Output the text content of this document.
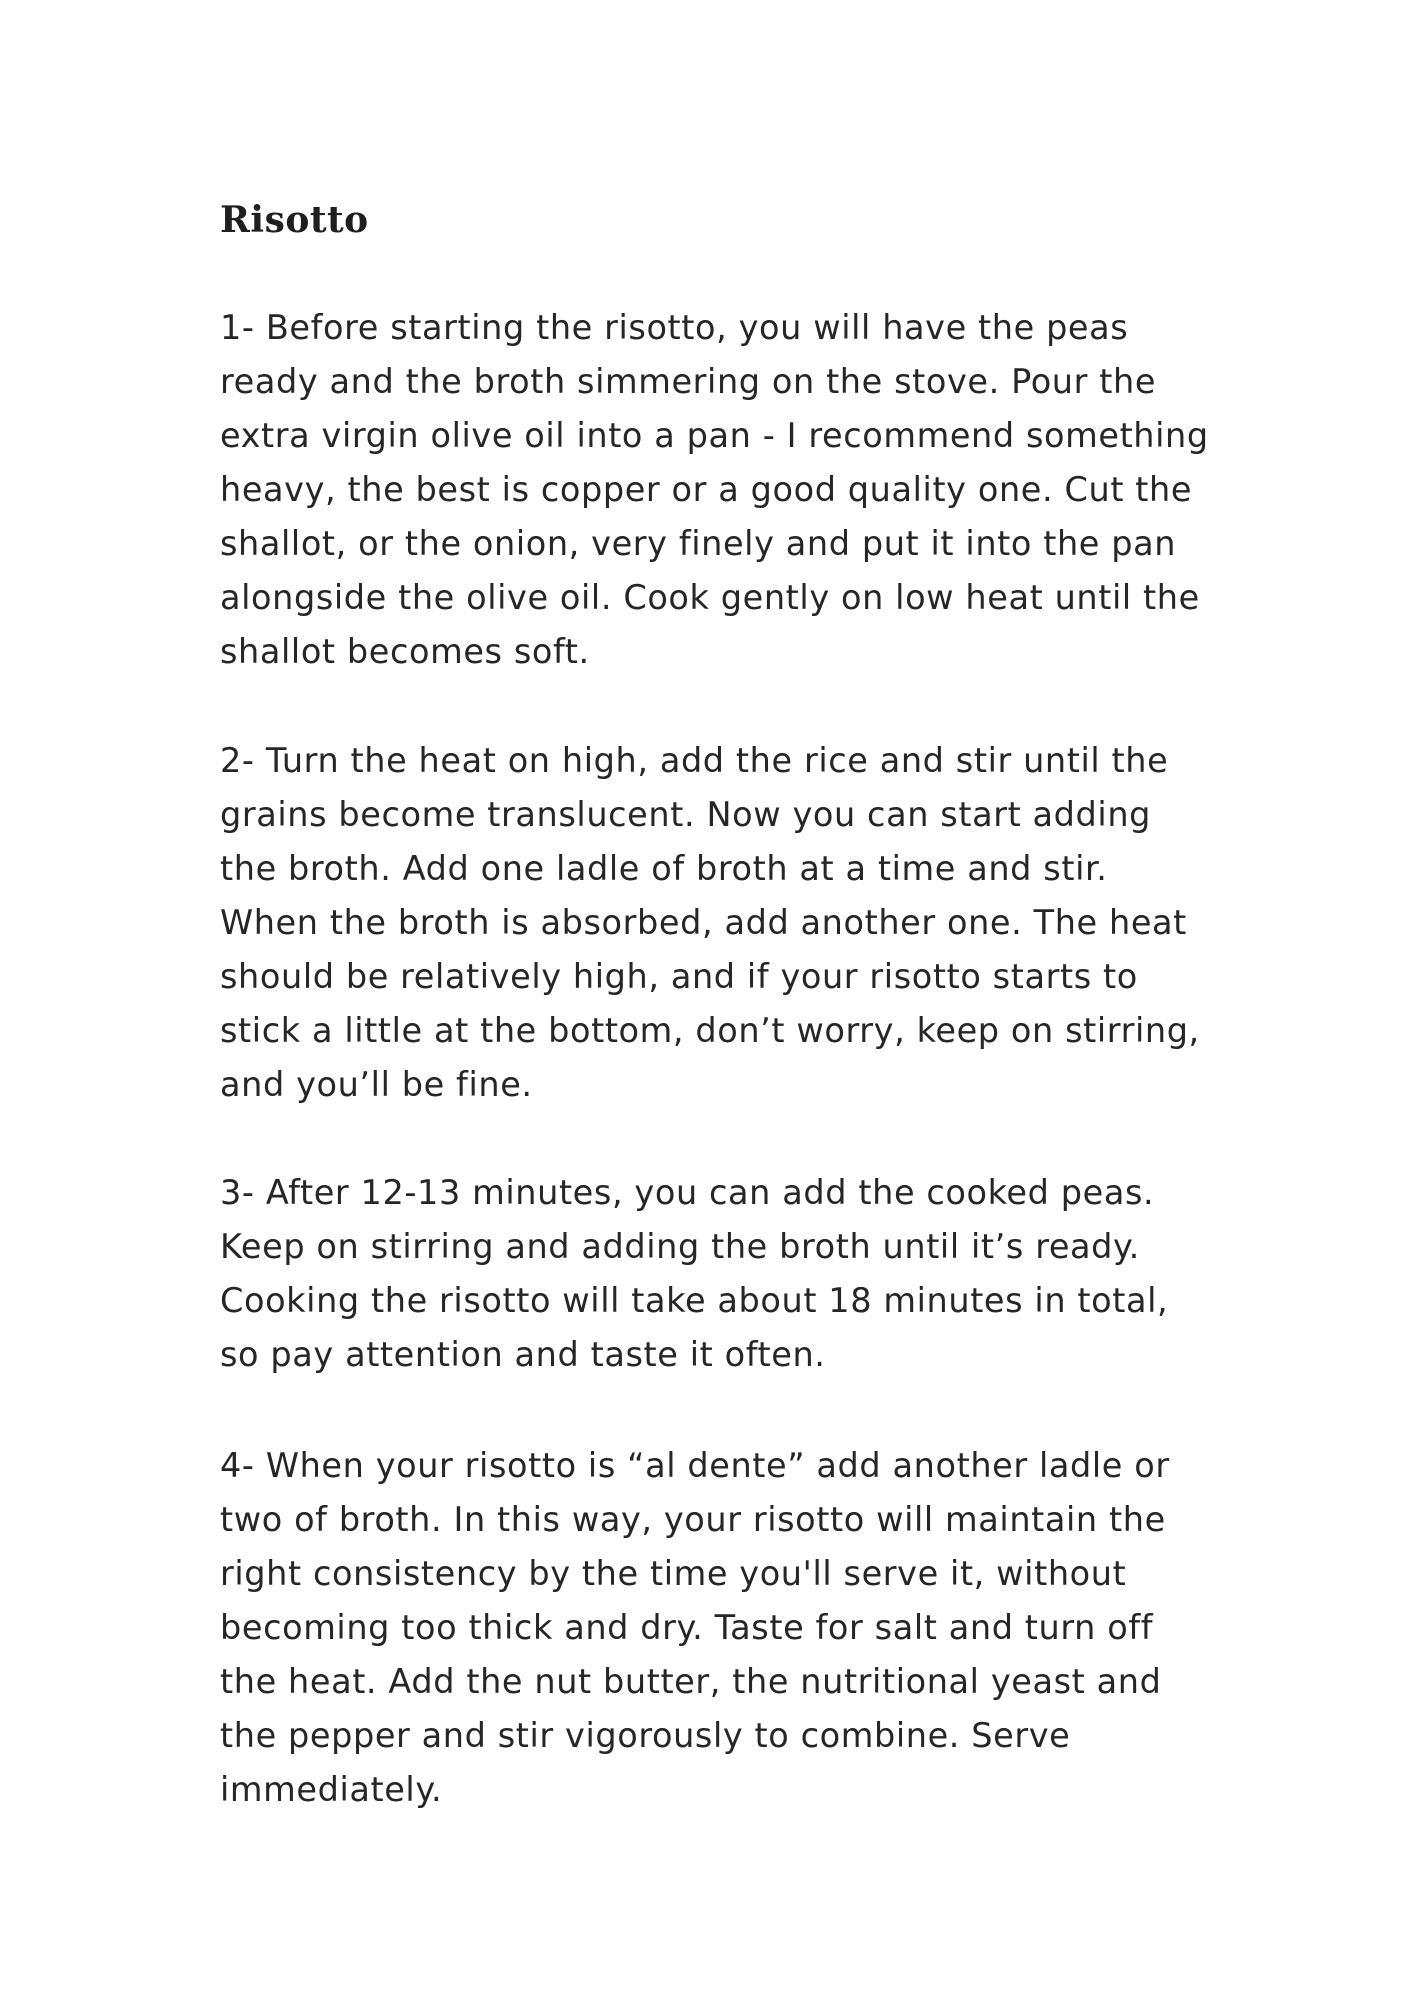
Risotto

1- Before starting the risotto, you will have the peas ready and the broth simmering on the stove. Pour the extra virgin olive oil into a pan - I recommend something heavy, the best is copper or a good quality one. Cut the shallot, or the onion, very finely and put it into the pan alongside the olive oil. Cook gently on low heat until the shallot becomes soft.

2- Turn the heat on high, add the rice and stir until the grains become translucent. Now you can start adding the broth. Add one ladle of broth at a time and stir. When the broth is absorbed, add another one. The heat should be relatively high, and if your risotto starts to stick a little at the bottom, don’t worry, keep on stirring, and you’ll be fine.

3- After 12-13 minutes, you can add the cooked peas. Keep on stirring and adding the broth until it’s ready. Cooking the risotto will take about 18 minutes in total, so pay attention and taste it often.

4- When your risotto is “al dente” add another ladle or two of broth. In this way, your risotto will maintain the right consistency by the time you'll serve it, without becoming too thick and dry. Taste for salt and turn off the heat. Add the nut butter, the nutritional yeast and the pepper and stir vigorously to combine. Serve immediately.
